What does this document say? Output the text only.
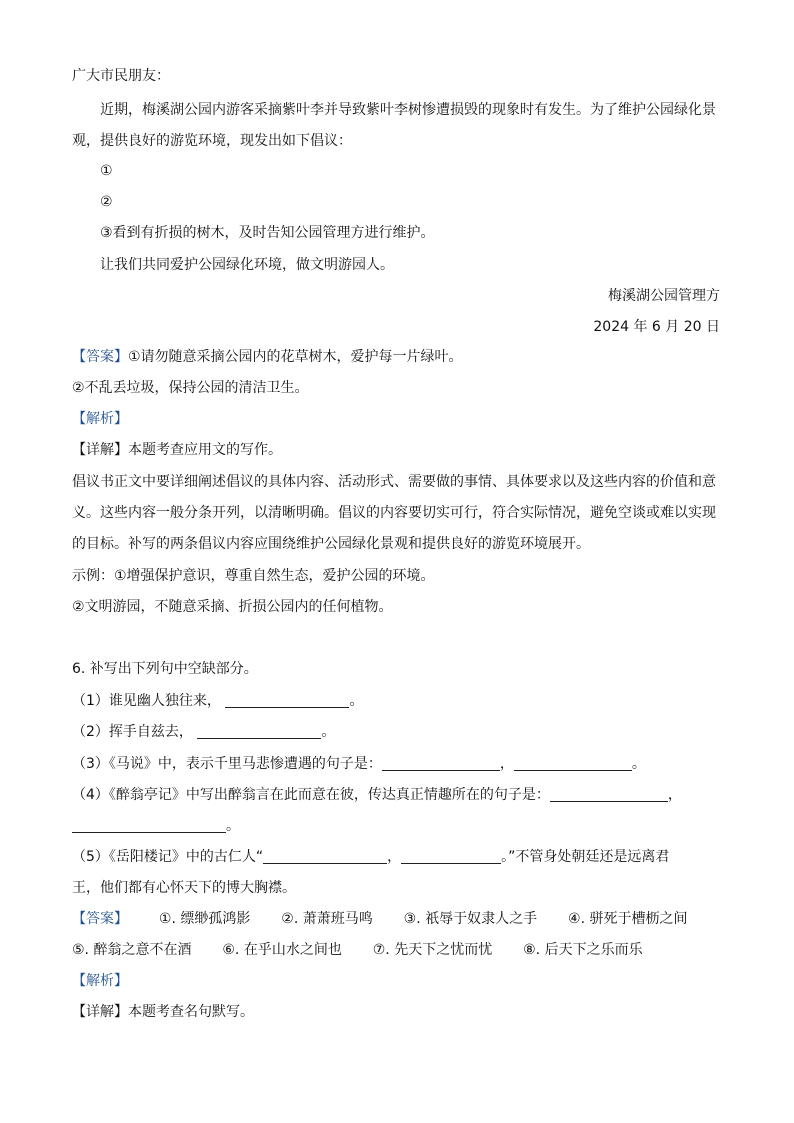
广大市民朋友：
近期，梅溪湖公园内游客采摘紫叶李并导致紫叶李树惨遭损毁的现象时有发生。为了维护公园绿化景
观，提供良好的游览环境，现发出如下倡议：
①
②
③看到有折损的树木，及时告知公园管理方进行维护。
让我们共同爱护公园绿化环境，做文明游园人。
梅溪湖公园管理方
2024 年 6 月 20 日
【答案】①请勿随意采摘公园内的花草树木，爱护每一片绿叶。
②不乱丢垃圾，保持公园的清洁卫生。
【解析】
【详解】本题考查应用文的写作。
倡议书正文中要详细阐述倡议的具体内容、活动形式、需要做的事情、具体要求以及这些内容的价值和意
义。这些内容一般分条开列，以清晰明确。倡议的内容要切实可行，符合实际情况，避免空谈或难以实现
的目标。补写的两条倡议内容应围绕维护公园绿化景观和提供良好的游览环境展开。
示例：①增强保护意识，尊重自然生态，爱护公园的环境。
②文明游园，不随意采摘、折损公园内的任何植物。
6. 补写出下列句中空缺部分。
（1）谁见幽人独往来，	。
（2）挥手自兹去，	。
（3）《马说》中，表示千里马悲惨遭遇的句子是：	，	。
（4）《醉翁亭记》中写出醉翁言在此而意在彼，传达真正情趣所在的句子是：	，
。
（5）《岳阳楼记》中的古仁人“	，	。”不管身处朝廷还是远离君
王，他们都有心怀天下的博大胸襟。
【答案】 ①. 缥缈孤鸿影 ②. 萧萧班马鸣 ③. 祇辱于奴隶人之手 ④. 骈死于槽枥之间
⑤. 醉翁之意不在酒 ⑥. 在乎山水之间也 ⑦. 先天下之忧而忧 ⑧. 后天下之乐而乐
【解析】
【详解】本题考查名句默写。
